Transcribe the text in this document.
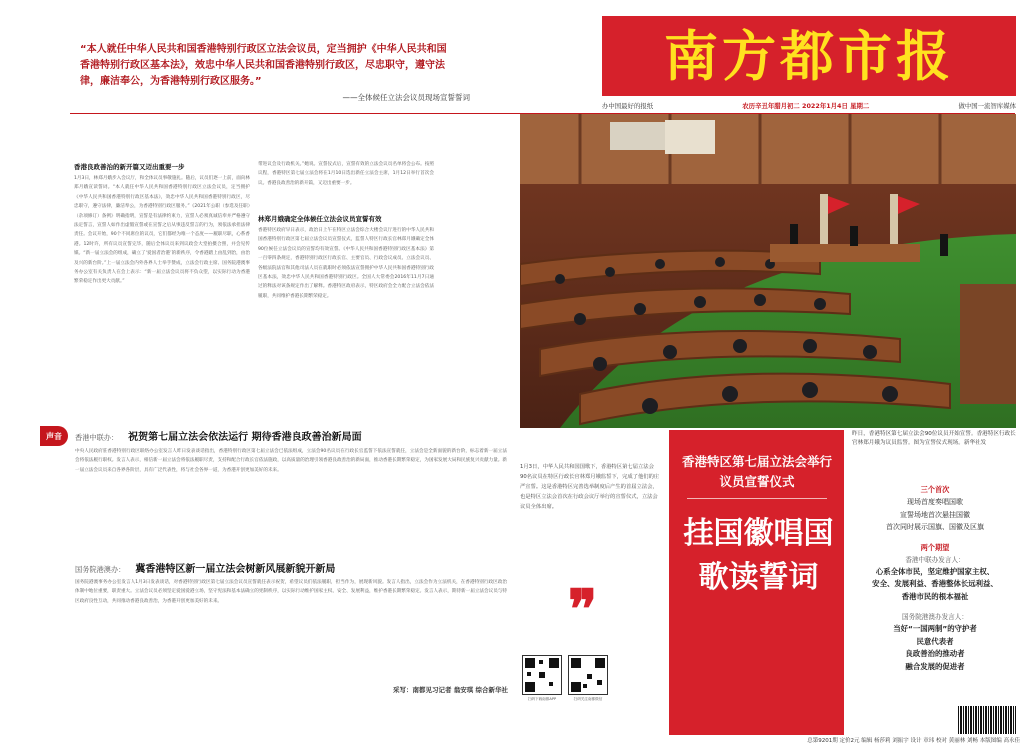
“本人就任中华人民共和国香港特别行政区立法会议员，定当拥护《中华人民共和国香港特别行政区基本法》，效忠中华人民共和国香港特别行政区，尽忠职守，遵守法律，廉洁奉公，为香港特别行政区服务。”
——全体候任立法会议员现场宣誓誓词
南方都市报
办中国最好的报纸	农历辛丑年腊月初二 2022年1月4日 星期二	做中国一流智库媒体
香港良政善治的新开篇又迈出重要一步
1月3日，林郑月娥步入会议厅，和全体议员事敬施礼。随后，议员们逐一上前，面向林郑月娥宣读誓词。“本人就任中华人民共和国香港特别行政区立法会议员，定当拥护《中华人民共和国香港特别行政区基本法》，效忠中华人民共和国香港特别行政区，尽忠职守，遵守法律，廉洁奉公，为香港特别行政区服务。”《2021年公职（参选及任职）（杂项修订）条例》明确指明，宣誓是有法律约束力，宣誓人必须真诚信奉并严格遵守法定誓言，宣誓人如作出虚假宣誓或在宣誓之后从事违反誓言的行为，须依法承担法律责任。会议开始，90个不同席位的议员，它们都经为唯一个态度——履职尽职，心系香港。12时许，所有议员宣誓完毕，随后全体议员来到议政会大堂拍摄合照，并会见传媒。“新一届立法会的组成，确立了‘爱国者治港’的新秩序，令香港踏上由乱到治，由治及兴的新台阶。”上一届立法会内外各界人士举手赞成，立法会行政主席、国务院港澳事务办公室有关负责人在会上表示：“新一届立法会议员将不负众望，以实际行动为香港繁荣稳定作出更大贡献。”
带进议会及行政机关。”她说。宣誓仪式后，宣誓有效的立法会议员名单将会公布。按照议程，香港特区第七届立法会将在1月10日选出新任立法会主席，1月12日举行首次会议。香港良政善治的新开篇，又迈出重要一步。
林郑月娥确定全体候任立法会议员宣誓有效
香港特区政府早日表示，政治日上午在特区立法会综合大楼会议厅进行的中华人民共和国香港特别行政区第七届立法会议员宣誓仪式，监誓人特区行政长官林郑月娥确定全体90位候任立法会议员的宣誓均有效宣誓。《中华人民共和国香港特别行政区基本法》第一百零四条规定，香港特别行政区行政长官、主要官员、行政会议成员、立法会议员、各级法院法官和其他司法人员在就职时必须依法宣誓拥护中华人民共和国香港特别行政区基本法，效忠中华人民共和国香港特别行政区。全国人大常委会2016年11月7日通过的释法对该条规定作出了解释。香港特区政府表示，特区政府会全力配合立法会依法履职，共同维护香港长期繁荣稳定。
声音	香港中联办： 祝贺第七届立法会依法运行 期待香港良政善治新局面
中央人民政府驻香港特别行政区联络办公室发言人昨日发表谈话指出，香港特别行政区第七届立法会已依法组成，立法会90名议员在行政长官监誓下依法宣誓就任，立法会是全新面貌的新台阶，标志着新一届立法会将依法履行职权。发言人表示，相信新一届立法会将依法履职尽责，支持和配合行政长官依法施政，以高质量的治理引领香港良政善治的新局面，推动香港长期繁荣稳定，为国家发展大局和民族复兴贡献力量。新一届立法会议员来自各界各阶层，具有广泛代表性，将与社会各界一道，为香港开创更加美好的未来。
国务院港澳办： 冀香港特区新一届立法会树新风展新貌开新局
国务院港澳事务办公室发言人1月3日发表谈话，对香港特别行政区第七届立法会议员宣誓就任表示祝贺，希望议员们依法履职，担当作为，展现新风貌。发言人指出，立法会作为立法机关，在香港特别行政区政治体制中地位重要，职责重大。立法会议员必须坚定爱国爱港立场，坚守宪法和基本法确立的宪制秩序，以实际行动维护国家主权、安全、发展利益，维护香港长期繁荣稳定。发言人表示，期待新一届立法会议员与特区政府良性互动，共同推动香港良政善治，为香港开创更加美好的未来。
采写：南都见习记者 翁安琪 综合新华社
1月3日，中华人民共和国国歌下，香港特区第七届立法会90名议员在特区行政长官林郑月娥监誓下，完成了他们的庄严宣誓。这是香港特区完善选举制度后产生的首届立法会，也是特区立法会首次在行政会议厅举行的宣誓仪式，立法会议员全体出席。
❞
扫码下载南都APP	扫码关注南都微信
香港特区第七届立法会举行议员宣誓仪式
挂国徽唱国歌读誓词
昨日，香港特区第七届立法会90位议员开始宣誓。香港特区行政长官林郑月娥为议员监誓。图为宣誓仪式现场。新华社发
三个首次
现场首度奏唱国歌
宣誓场地首次悬挂国徽
首次同时展示国旗、国徽及区旗
两个期望
香港中联办发言人：
心系全体市民，坚定维护国家主权、
安全、发展利益、香港整体长远利益、
香港市民的根本福祉
国务院港澳办发言人：
当好“一国两制”的守护者
民意代表者
良政善治的推动者
融合发展的促进者
总第9201期 定价2元 编辑 杨莎莉 刘振宇 设计 章玮 校对 黄丽林 刘畅 本版图编 高永佳
